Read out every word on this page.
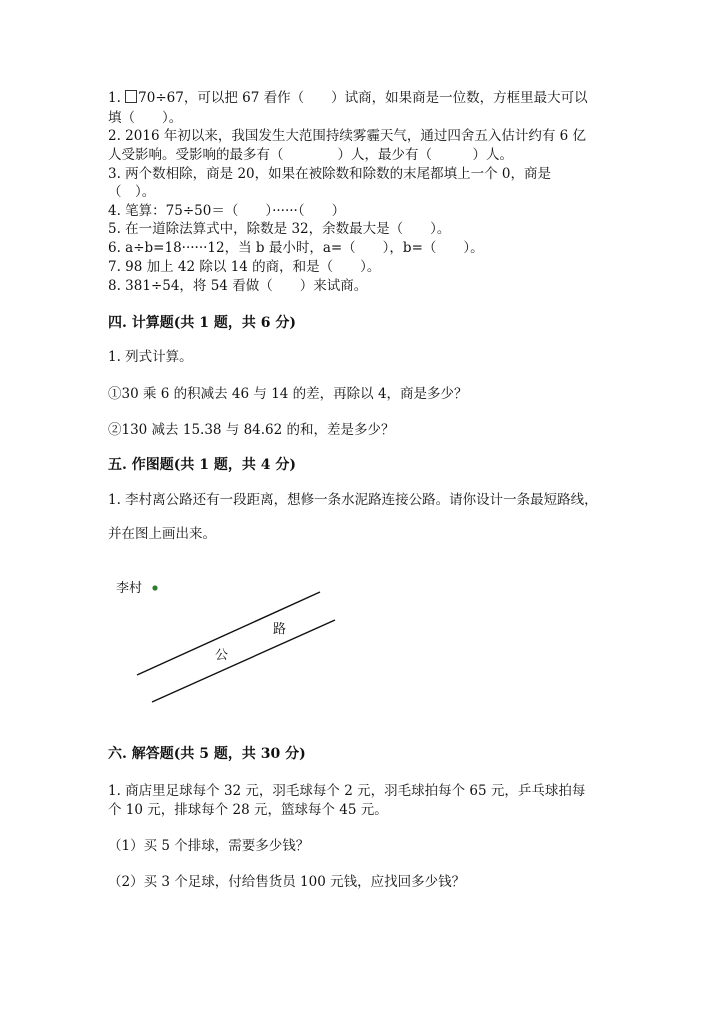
1. 70÷67，可以把 67 看作（　　）试商，如果商是一位数，方框里最大可以
填（　　）。
2. 2016 年初以来，我国发生大范围持续雾霾天气，通过四舍五入估计约有 6 亿
人受影响。受影响的最多有（　　　　）人，最少有（　　　）人。
3. 两个数相除，商是 20，如果在被除数和除数的末尾都填上一个 0，商是
（　）。
4. 笔算：75÷50＝（　　）······（　　）
5. 在一道除法算式中，除数是 32，余数最大是（　　）。
6. a÷b=18······12，当 b 最小时，a=（　　），b=（　　）。
7. 98 加上 42 除以 14 的商，和是（　　）。
8. 381÷54，将 54 看做（　　）来试商。
四. 计算题(共 1 题，共 6 分)
1. 列式计算。
①30 乘 6 的积减去 46 与 14 的差，再除以 4，商是多少？
②130 减去 15.38 与 84.62 的和，差是多少？
五. 作图题(共 1 题，共 4 分)
1. 李村离公路还有一段距离，想修一条水泥路连接公路。请你设计一条最短路线，
并在图上画出来。
李村
路
公
六. 解答题(共 5 题，共 30 分)
1. 商店里足球每个 32 元，羽毛球每个 2 元，羽毛球拍每个 65 元，乒乓球拍每
个 10 元，排球每个 28 元，篮球每个 45 元。
（1）买 5 个排球，需要多少钱？
（2）买 3 个足球，付给售货员 100 元钱，应找回多少钱？
